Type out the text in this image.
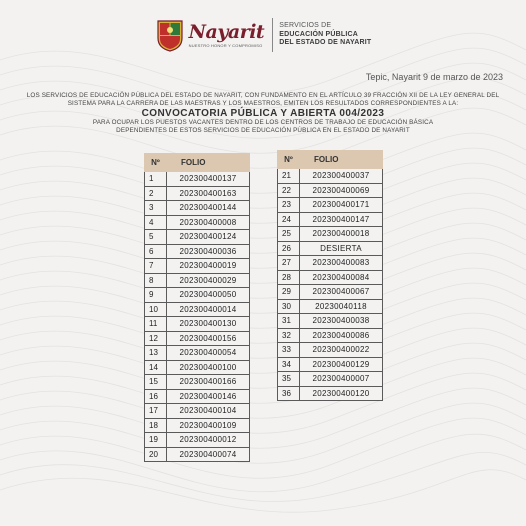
Nayarit
NUESTRO HONOR Y COMPROMISO
SERVICIOS DE
EDUCACIÓN PÚBLICA
DEL ESTADO DE NAYARIT
Tepic, Nayarit 9 de marzo de 2023
LOS SERVICIOS DE EDUCACIÓN PÚBLICA DEL ESTADO DE NAYARIT, CON FUNDAMENTO EN EL ARTÍCULO 39 FRACCIÓN XII DE LA LEY GENERAL DEL SISTEMA PARA LA CARRERA DE LAS MAESTRAS Y LOS MAESTROS, EMITEN LOS RESULTADOS CORRESPONDIENTES A LA:
CONVOCATORIA PÚBLICA Y ABIERTA 004/2023
PARA OCUPAR LOS PUESTOS VACANTES DENTRO DE LOS CENTROS DE TRABAJO DE EDUCACIÓN BÁSICA
DEPENDIENTES DE ESTOS SERVICIOS DE EDUCACIÓN PÚBLICA EN EL ESTADO DE NAYARIT
Nº	FOLIO
1	202300400137
2	202300400163
3	202300400144
4	202300400008
5	202300400124
6	202300400036
7	202300400019
8	202300400029
9	202300400050
10	202300400014
11	202300400130
12	202300400156
13	202300400054
14	202300400100
15	202300400166
16	202300400146
17	202300400104
18	202300400109
19	202300400012
20	202300400074
Nº	FOLIO
21	202300400037
22	202300400069
23	202300400171
24	202300400147
25	202300400018
26	DESIERTA
27	202300400083
28	202300400084
29	202300400067
30	20230040118
31	202300400038
32	202300400086
33	202300400022
34	202300400129
35	202300400007
36	202300400120
